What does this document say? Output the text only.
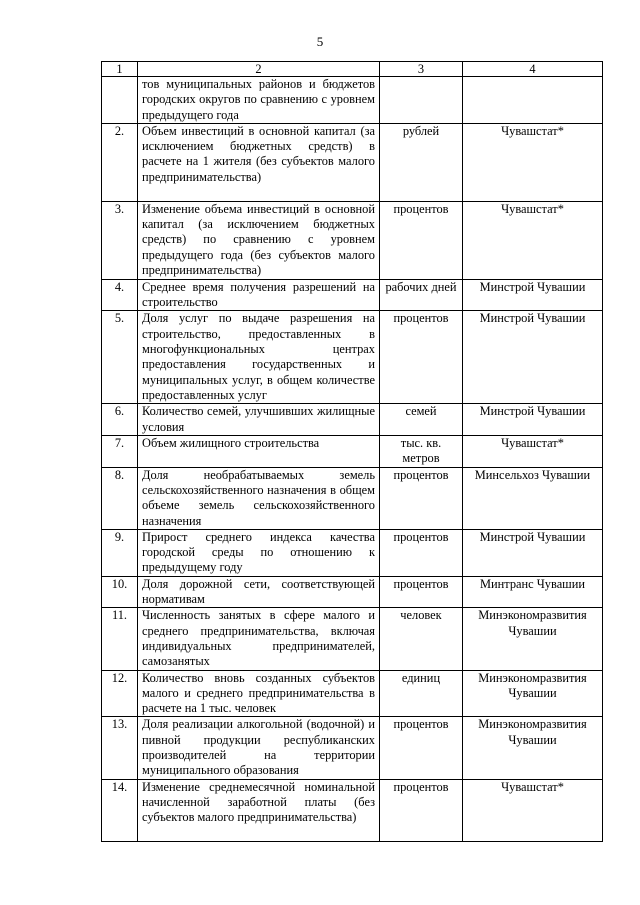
5
1	2	3	4
	тов муниципальных районов и бюджетов городских округов по сравнению с уровнем предыдущего года		
2.	Объем инвестиций в основной капитал (за исключением бюджетных средств) в расчете на 1 жителя (без субъектов малого предпринимательства)	рублей	Чувашстат*
3.	Изменение объема инвестиций в основной капитал (за исключением бюджетных средств) по сравнению с уровнем предыдущего года (без субъектов малого предпринимательства)	процентов	Чувашстат*
4.	Среднее время получения разрешений на строительство	рабочих дней	Минстрой Чувашии
5.	Доля услуг по выдаче разрешения на строительство, предоставленных в многофункциональных центрах предоставления государственных и муниципальных услуг, в общем количестве предоставленных услуг	процентов	Минстрой Чувашии
6.	Количество семей, улучшивших жилищные условия	семей	Минстрой Чувашии
7.	Объем жилищного строительства	тыс. кв. метров	Чувашстат*
8.	Доля необрабатываемых земель сельскохозяйственного назначения в общем объеме земель сельскохозяйственного назначения	процентов	Минсельхоз Чувашии
9.	Прирост среднего индекса качества городской среды по отношению к предыдущему году	процентов	Минстрой Чувашии
10.	Доля дорожной сети, соответствующей нормативам	процентов	Минтранс Чувашии
11.	Численность занятых в сфере малого и среднего предпринимательства, включая индивидуальных предпринимателей, самозанятых	человек	Минэкономразвития Чувашии
12.	Количество вновь созданных субъектов малого и среднего предпринимательства в расчете на 1 тыс. человек	единиц	Минэкономразвития Чувашии
13.	Доля реализации алкогольной (водочной) и пивной продукции республиканских производителей на территории муниципального образования	процентов	Минэкономразвития Чувашии
14.	Изменение среднемесячной номинальной начисленной заработной платы (без субъектов малого предпринимательства)	процентов	Чувашстат*
